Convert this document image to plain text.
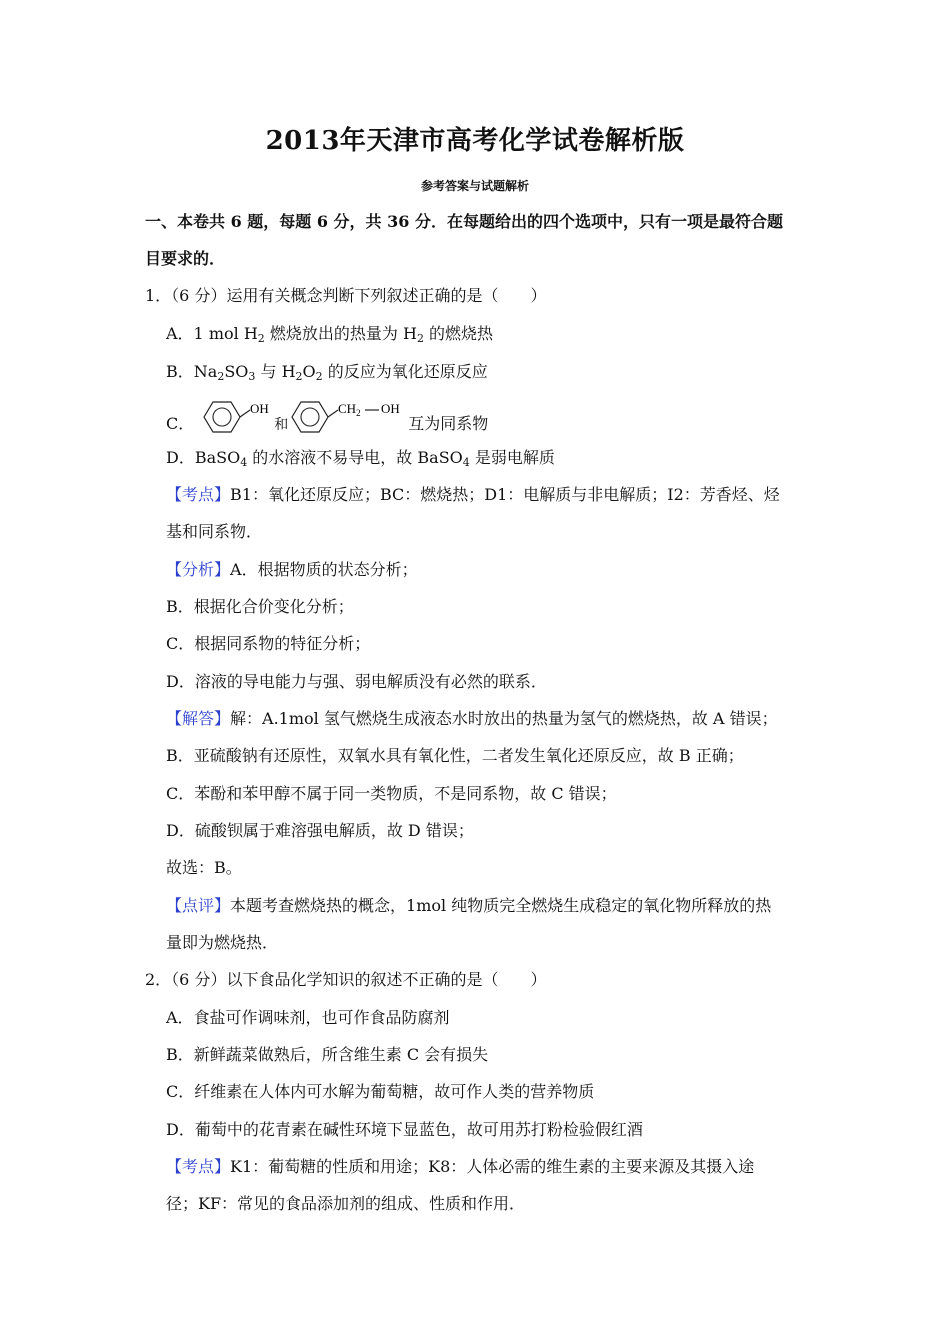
2013年天津市高考化学试卷解析版
参考答案与试题解析
一、本卷共 6 题，每题 6 分，共 36 分．在每题给出的四个选项中，只有一项是最符合题
目要求的．
1．（6 分）运用有关概念判断下列叙述正确的是（　　）
A．1 mol $H_2$ 燃烧放出的热量为 $H_2$ 的燃烧热
B．$Na_2SO_3$ 与 $H_2O_2$ 的反应为氧化还原反应
C．
OH
和
$CH_2$ OH
互为同系物
D．BaSO$_4$ 的水溶液不易导电，故 BaSO$_4$ 是弱电解质
【考点】B1：氧化还原反应；BC：燃烧热；D1：电解质与非电解质；I2：芳香烃、烃
基和同系物．
【分析】A．根据物质的状态分析；
B．根据化合价变化分析；
C．根据同系物的特征分析；
D．溶液的导电能力与强、弱电解质没有必然的联系．
【解答】解：A.1mol 氢气燃烧生成液态水时放出的热量为氢气的燃烧热，故 A 错误；
B．亚硫酸钠有还原性，双氧水具有氧化性，二者发生氧化还原反应，故 B 正确；
C．苯酚和苯甲醇不属于同一类物质，不是同系物，故 C 错误；
D．硫酸钡属于难溶强电解质，故 D 错误；
故选：B。
【点评】本题考查燃烧热的概念，1mol 纯物质完全燃烧生成稳定的氧化物所释放的热
量即为燃烧热．
2．（6 分）以下食品化学知识的叙述不正确的是（　　）
A．食盐可作调味剂，也可作食品防腐剂
B．新鲜蔬菜做熟后，所含维生素 C 会有损失
C．纤维素在人体内可水解为葡萄糖，故可作人类的营养物质
D．葡萄中的花青素在碱性环境下显蓝色，故可用苏打粉检验假红酒
【考点】K1：葡萄糖的性质和用途；K8：人体必需的维生素的主要来源及其摄入途
径；KF：常见的食品添加剂的组成、性质和作用．
